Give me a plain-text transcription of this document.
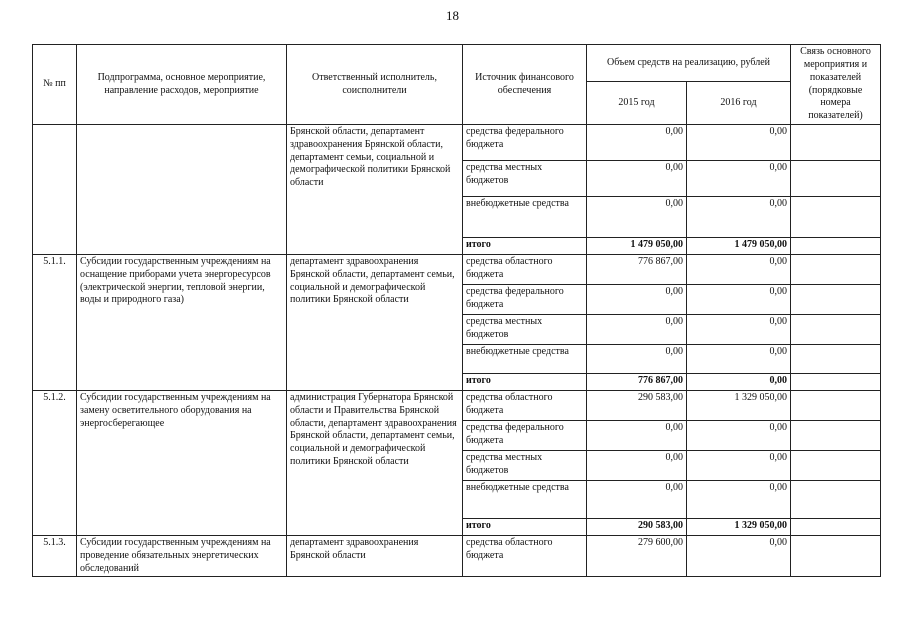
18
№ пп	Подпрограмма, основное мероприятие, направление расходов, мероприятие	Ответственный исполнитель, соисполнители	Источник финансового обеспечения	Объем средств на реализацию, рублей		Связь основного мероприятия и показателей (порядковые номера показателей)
				2015 год	2016 год	
		Брянской области, департамент здравоохранения Брянской области, департамент семьи, социальной и демографической политики Брянской области	средства федерального бюджета	0,00	0,00	
			средства местных бюджетов	0,00	0,00	
			внебюджетные средства	0,00	0,00	
			итого	1 479 050,00	1 479 050,00	
5.1.1.	Субсидии государственным учреждениям на оснащение приборами учета энергоресурсов (электрической энергии, тепловой энергии, воды и природного газа)	департамент здравоохранения Брянской области, департамент семьи, социальной и демографической политики Брянской области	средства областного бюджета	776 867,00	0,00	
			средства федерального бюджета	0,00	0,00	
			средства местных бюджетов	0,00	0,00	
			внебюджетные средства	0,00	0,00	
			итого	776 867,00	0,00	
5.1.2.	Субсидии государственным учреждениям на замену осветительного оборудования на энергосберегающее	администрация Губернатора Брянской области и Правительства Брянской области, департамент здравоохранения Брянской области, департамент семьи, социальной и демографической политики Брянской области	средства областного бюджета	290 583,00	1 329 050,00	
			средства федерального бюджета	0,00	0,00	
			средства местных бюджетов	0,00	0,00	
			внебюджетные средства	0,00	0,00	
			итого	290 583,00	1 329 050,00	
5.1.3.	Субсидии государственным учреждениям на проведение обязательных энергетических обследований	департамент здравоохранения Брянской области	средства областного бюджета	279 600,00	0,00	
